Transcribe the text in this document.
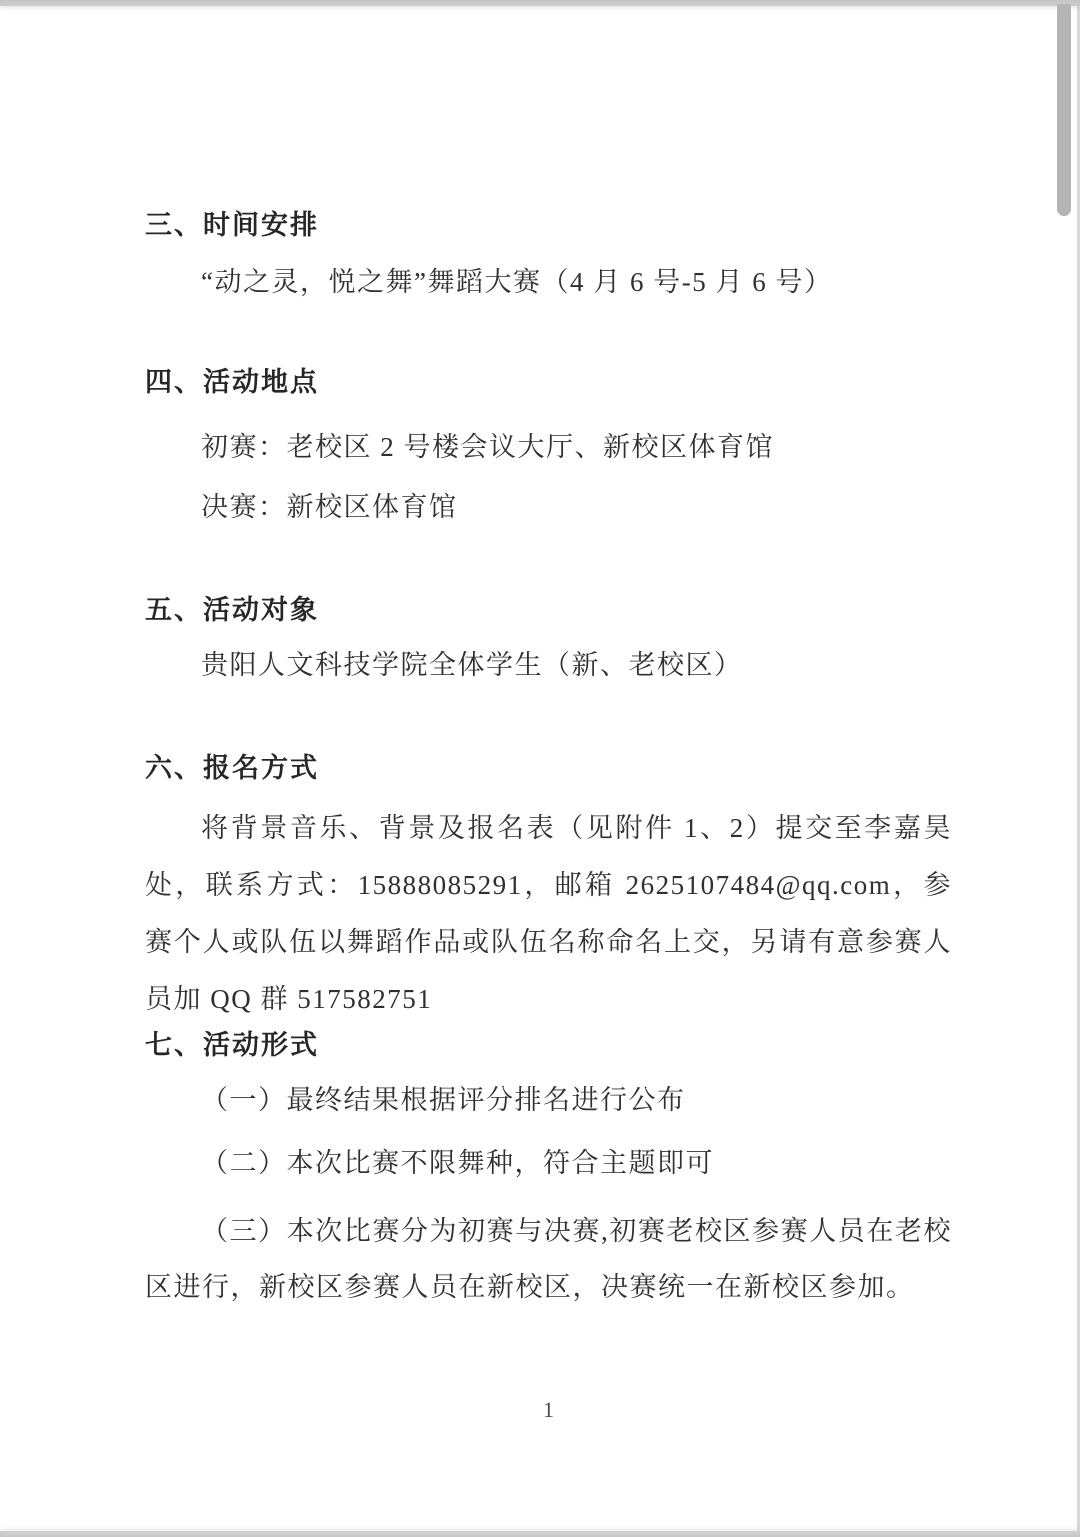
三、时间安排
“动之灵，悦之舞”舞蹈大赛（4 月 6 号-5 月 6 号）
四、活动地点
初赛：老校区 2 号楼会议大厅、新校区体育馆
决赛：新校区体育馆
五、活动对象
贵阳人文科技学院全体学生（新、老校区）
六、报名方式
将背景音乐、背景及报名表（见附件 1、2）提交至李嘉昊处，联系方式：15888085291，邮箱 2625107484@qq.com，参赛个人或队伍以舞蹈作品或队伍名称命名上交，另请有意参赛人员加 QQ 群 517582751
七、活动形式
（一）最终结果根据评分排名进行公布
（二）本次比赛不限舞种，符合主题即可
（三）本次比赛分为初赛与决赛,初赛老校区参赛人员在老校区进行，新校区参赛人员在新校区，决赛统一在新校区参加。
1
